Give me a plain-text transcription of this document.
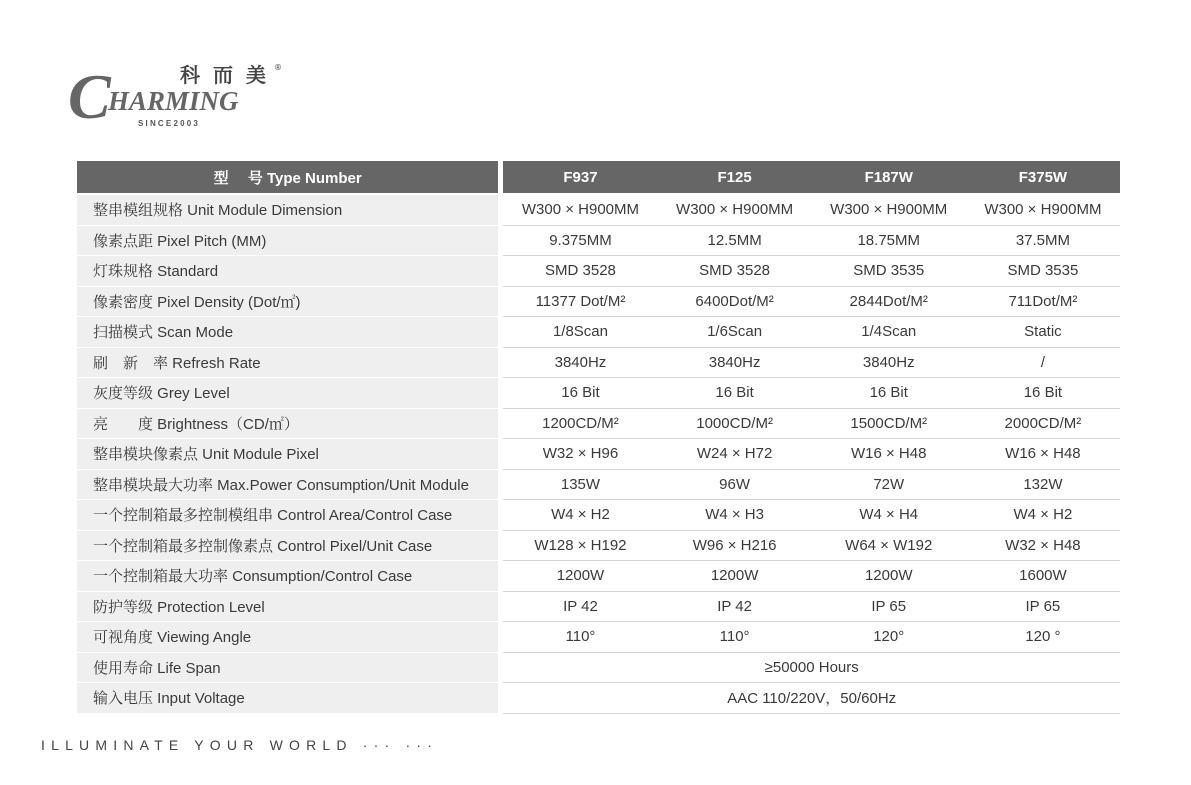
科 而 美 ®
C
HARMING
SINCE2003
型　 号 Type Number		F937	F125	F187W	F375W
整串模组规格 Unit Module Dimension		W300 × H900MM	W300 × H900MM	W300 × H900MM	W300 × H900MM
像素点距 Pixel Pitch (MM)		9.375MM	12.5MM	18.75MM	37.5MM
灯珠规格 Standard		SMD 3528	SMD 3528	SMD 3535	SMD 3535
像素密度 Pixel Density (Dot/㎡)		11377 Dot/M²	6400Dot/M²	2844Dot/M²	711Dot/M²
扫描模式 Scan Mode		1/8Scan	1/6Scan	1/4Scan	Static
刷　新　率 Refresh Rate		3840Hz	3840Hz	3840Hz	/
灰度等级 Grey Level		16 Bit	16 Bit	16 Bit	16 Bit
亮　　度 Brightness（CD/㎡）		1200CD/M²	1000CD/M²	1500CD/M²	2000CD/M²
整串模块像素点 Unit Module Pixel		W32 × H96	W24 × H72	W16 × H48	W16 × H48
整串模块最大功率 Max.Power Consumption/Unit Module		135W	96W	72W	132W
一个控制箱最多控制模组串 Control Area/Control Case		W4 × H2	W4 × H3	W4 × H4	W4 × H2
一个控制箱最多控制像素点 Control Pixel/Unit Case		W128 × H192	W96 × H216	W64 × W192	W32 × H48
一个控制箱最大功率 Consumption/Control Case		1200W	1200W	1200W	1600W
防护等级 Protection Level		IP 42	IP 42	IP 65	IP 65
可视角度 Viewing Angle		110°	110°	120°	120 °
使用寿命 Life Span		≥50000 Hours			
输入电压 Input Voltage		AAC 110/220V，50/60Hz			
ILLUMINATE YOUR WORLD ··· ···
